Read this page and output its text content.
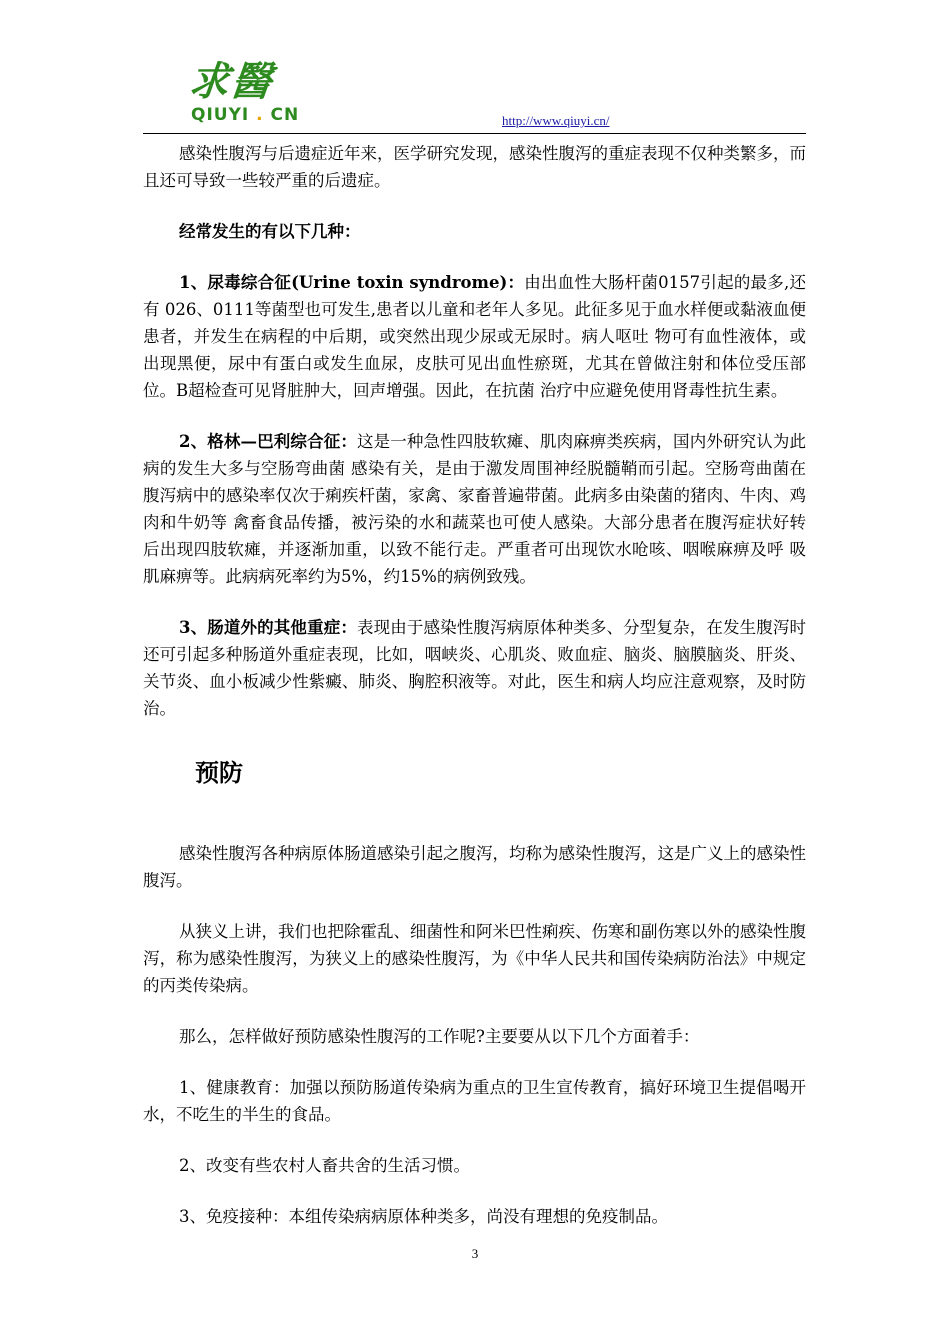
求醫
QIUYI . CN	http://www.qiuyi.cn/

感染性腹泻与后遗症近年来，医学研究发现，感染性腹泻的重症表现不仅种类繁多，而且还可导致一些较严重的后遗症。

经常发生的有以下几种：

1、尿毒综合征(Urine toxin syndrome)：由出血性大肠杆菌0157引起的最多,还有 026、0111等菌型也可发生,患者以儿童和老年人多见。此征多见于血水样便或黏液血便患者，并发生在病程的中后期，或突然出现少尿或无尿时。病人呕吐 物可有血性液体，或出现黑便，尿中有蛋白或发生血尿，皮肤可见出血性瘀斑，尤其在曾做注射和体位受压部位。B超检查可见肾脏肿大，回声增强。因此，在抗菌 治疗中应避免使用肾毒性抗生素。

2、格林—巴利综合征：这是一种急性四肢软瘫、肌肉麻痹类疾病，国内外研究认为此病的发生大多与空肠弯曲菌 感染有关，是由于激发周围神经脱髓鞘而引起。空肠弯曲菌在腹泻病中的感染率仅次于痢疾杆菌，家禽、家畜普遍带菌。此病多由染菌的猪肉、牛肉、鸡肉和牛奶等 禽畜食品传播，被污染的水和蔬菜也可使人感染。大部分患者在腹泻症状好转后出现四肢软瘫，并逐渐加重，以致不能行走。严重者可出现饮水呛咳、咽喉麻痹及呼 吸肌麻痹等。此病病死率约为5%，约15%的病例致残。

3、肠道外的其他重症：表现由于感染性腹泻病原体种类多、分型复杂，在发生腹泻时还可引起多种肠道外重症表现，比如，咽峡炎、心肌炎、败血症、脑炎、脑膜脑炎、肝炎、关节炎、血小板减少性紫癜、肺炎、胸腔积液等。对此，医生和病人均应注意观察，及时防治。

预防

感染性腹泻各种病原体肠道感染引起之腹泻，均称为感染性腹泻，这是广义上的感染性腹泻。

从狭义上讲，我们也把除霍乱、细菌性和阿米巴性痢疾、伤寒和副伤寒以外的感染性腹泻，称为感染性腹泻，为狭义上的感染性腹泻，为《中华人民共和国传染病防治法》中规定的丙类传染病。

那么，怎样做好预防感染性腹泻的工作呢?主要要从以下几个方面着手：

1、健康教育：加强以预防肠道传染病为重点的卫生宣传教育，搞好环境卫生提倡喝开水，不吃生的半生的食品。

2、改变有些农村人畜共舍的生活习惯。

3、免疫接种：本组传染病病原体种类多，尚没有理想的免疫制品。

3
